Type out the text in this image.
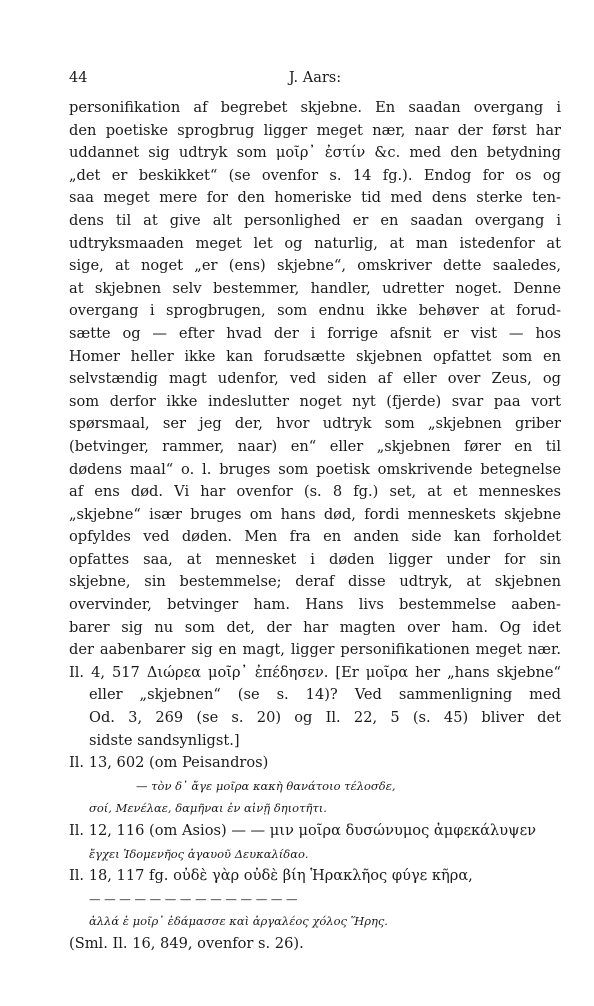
44	J. Aars:
personifikation af begrebet skjebne. En saadan overgang i
den poetiske sprogbrug ligger meget nær, naar der først har
uddannet sig udtryk som μοῖρ᾽ ἐστίν &c. med den betydning
„det er beskikket“ (se ovenfor s. 14 fg.). Endog for os og
saa meget mere for den homeriske tid med dens sterke ten-
dens til at give alt personlighed er en saadan overgang i
udtryksmaaden meget let og naturlig, at man istedenfor at
sige, at noget „er (ens) skjebne“, omskriver dette saaledes,
at skjebnen selv bestemmer, handler, udretter noget. Denne
overgang i sprogbrugen, som endnu ikke behøver at forud-
sætte og — efter hvad der i forrige afsnit er vist — hos
Homer heller ikke kan forudsætte skjebnen opfattet som en
selvstændig magt udenfor, ved siden af eller over Zeus, og
som derfor ikke indeslutter noget nyt (fjerde) svar paa vort
spørsmaal, ser jeg der, hvor udtryk som „skjebnen griber
(betvinger, rammer, naar) en“ eller „skjebnen fører en til
dødens maal“ o. l. bruges som poetisk omskrivende betegnelse
af ens død. Vi har ovenfor (s. 8 fg.) set, at et menneskes
„skjebne“ især bruges om hans død, fordi menneskets skjebne
opfyldes ved døden. Men fra en anden side kan forholdet
opfattes saa, at mennesket i døden ligger under for sin
skjebne, sin bestemmelse; deraf disse udtryk, at skjebnen
overvinder, betvinger ham. Hans livs bestemmelse aaben-
barer sig nu som det, der har magten over ham. Og idet
der aabenbarer sig en magt, ligger personifikationen meget nær.
Il. 4, 517 Διώρεα μοῖρ᾽ ἐπέδησεν. [Er μοῖρα her „hans skjebne“
eller „skjebnen“ (se s. 14)? Ved sammenligning med
Od. 3, 269 (se s. 20) og Il. 22, 5 (s. 45) bliver det
sidste sandsynligst.]
Il. 13, 602 (om Peisandros)
— τὸν δ᾽ ἄγε μοῖρα κακὴ θανάτοιο τέλοσδε,
σοί, Μενέλαε, δαμῆναι ἐν αἰνῇ δηιοτῆτι.
Il. 12, 116 (om Asios) — — μιν μοῖρα δυσώνυμος ἀμφεκάλυψεν
ἔγχει Ἰδομενῆος ἀγαυοῦ Δευκαλίδαο.
Il. 18, 117 fg. οὐδὲ γὰρ οὐδὲ βίη Ἡρακλῆος φύγε κῆρα,
— — — — — — — — — — — — — —
ἀλλά ἑ μοῖρ᾽ ἐδάμασσε καὶ ἀργαλέος χόλος Ἥρης.
(Sml. Il. 16, 849, ovenfor s. 26).
